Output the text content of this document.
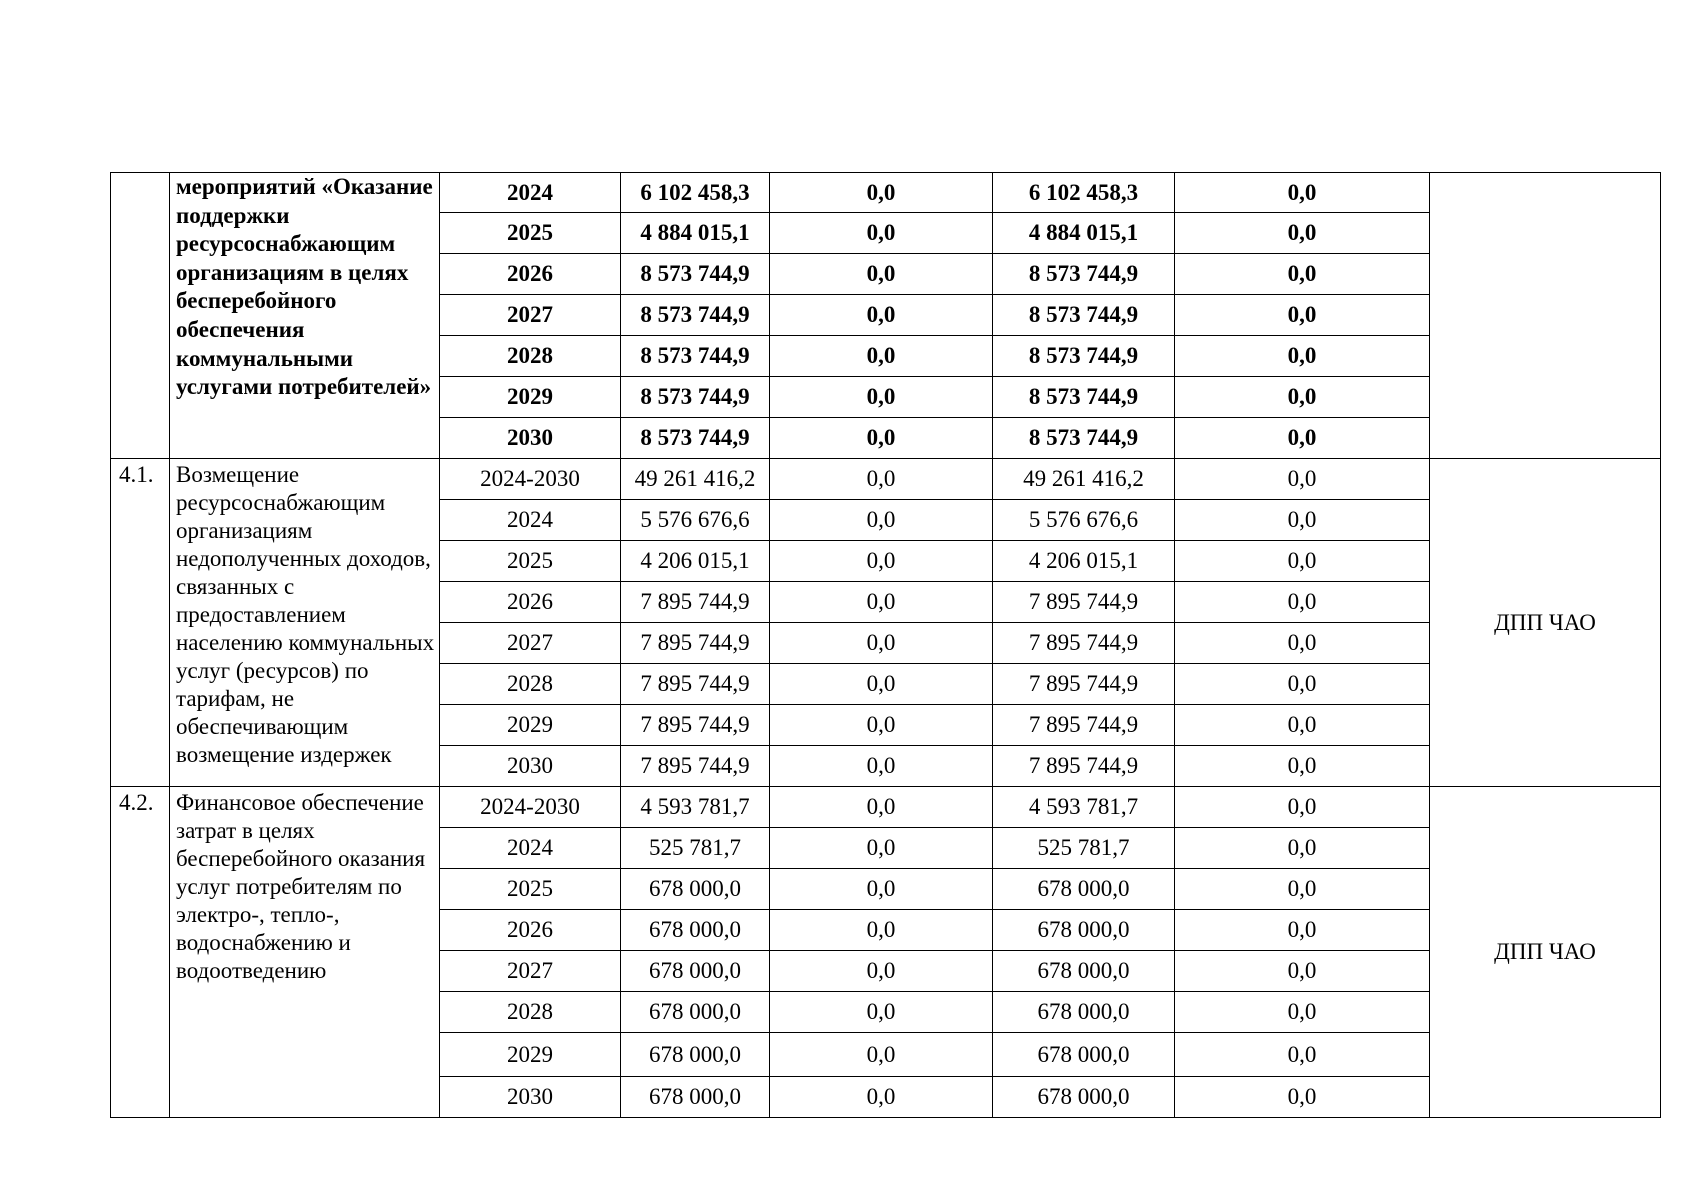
	мероприятий «Оказание поддержки ресурсоснабжающим организациям в целях бесперебойного обеспечения коммунальными услугами потребителей»	2024	6 102 458,3	0,0	6 102 458,3	0,0	
		2025	4 884 015,1	0,0	4 884 015,1	0,0	
		2026	8 573 744,9	0,0	8 573 744,9	0,0	
		2027	8 573 744,9	0,0	8 573 744,9	0,0	
		2028	8 573 744,9	0,0	8 573 744,9	0,0	
		2029	8 573 744,9	0,0	8 573 744,9	0,0	
		2030	8 573 744,9	0,0	8 573 744,9	0,0	
4.1.	Возмещение ресурсоснабжающим организациям недополученных доходов, связанных с предоставлением населению коммунальных услуг (ресурсов) по тарифам, не обеспечивающим возмещение издержек	2024-2030	49 261 416,2	0,0	49 261 416,2	0,0	ДПП ЧАО
		2024	5 576 676,6	0,0	5 576 676,6	0,0	
		2025	4 206 015,1	0,0	4 206 015,1	0,0	
		2026	7 895 744,9	0,0	7 895 744,9	0,0	
		2027	7 895 744,9	0,0	7 895 744,9	0,0	
		2028	7 895 744,9	0,0	7 895 744,9	0,0	
		2029	7 895 744,9	0,0	7 895 744,9	0,0	
		2030	7 895 744,9	0,0	7 895 744,9	0,0	
4.2.	Финансовое обеспечение затрат в целях бесперебойного оказания услуг потребителям по электро-, тепло-, водоснабжению и водоотведению	2024-2030	4 593 781,7	0,0	4 593 781,7	0,0	ДПП ЧАО
		2024	525 781,7	0,0	525 781,7	0,0	
		2025	678 000,0	0,0	678 000,0	0,0	
		2026	678 000,0	0,0	678 000,0	0,0	
		2027	678 000,0	0,0	678 000,0	0,0	
		2028	678 000,0	0,0	678 000,0	0,0	
		2029	678 000,0	0,0	678 000,0	0,0	
		2030	678 000,0	0,0	678 000,0	0,0	
